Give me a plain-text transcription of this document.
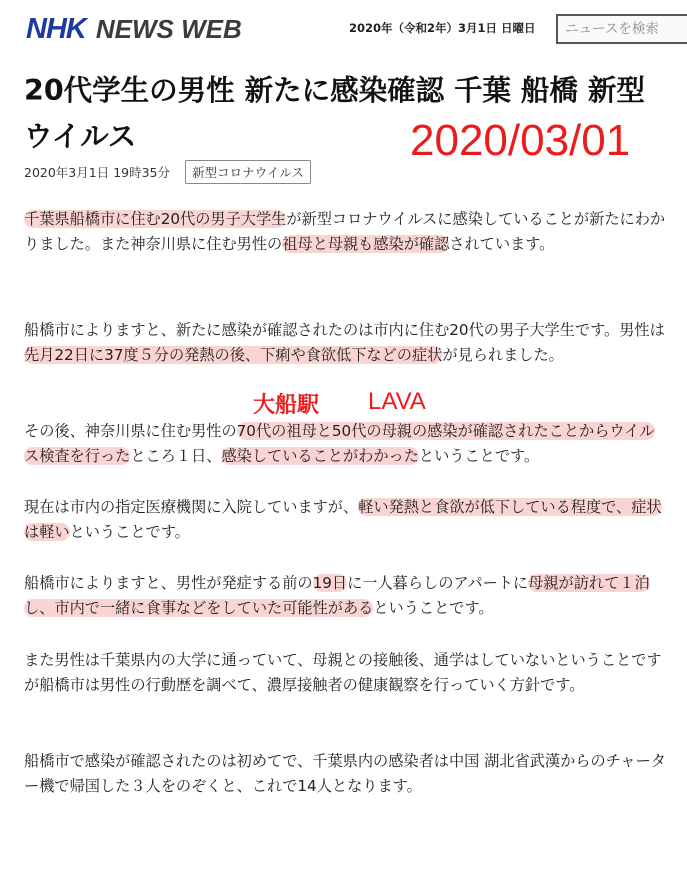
NHK NEWS WEB	2020年（令和2年）3月1日 日曜日	ニュースを検索
20代学生の男性 新たに感染確認 千葉 船橋 新型ウイルス	2020/03/01
2020年3月1日 19時35分 新型コロナウイルス

千葉県船橋市に住む20代の男子大学生が新型コロナウイルスに感染していることが新たにわかりました。また神奈川県に住む男性の祖母と母親も感染が確認されています。

船橋市によりますと、新たに感染が確認されたのは市内に住む20代の男子大学生です。男性は先月22日に37度５分の発熱の後、下痢や食欲低下などの症状が見られました。

その後、神奈川県に住む男性の70代の祖母と50代の母親の感染が確認されたことからウイルス検査を行ったところ１日、感染していることがわかったということです。

現在は市内の指定医療機関に入院していますが、軽い発熱と食欲が低下している程度で、症状は軽いということです。

船橋市によりますと、男性が発症する前の19日に一人暮らしのアパートに母親が訪れて１泊し、市内で一緒に食事などをしていた可能性があるということです。

また男性は千葉県内の大学に通っていて、母親との接触後、通学はしていないということですが船橋市は男性の行動歴を調べて、濃厚接触者の健康観察を行っていく方針です。

船橋市で感染が確認されたのは初めてで、千葉県内の感染者は中国 湖北省武漢からのチャーター機で帰国した３人をのぞくと、これで14人となります。

大船駅 LAVA
